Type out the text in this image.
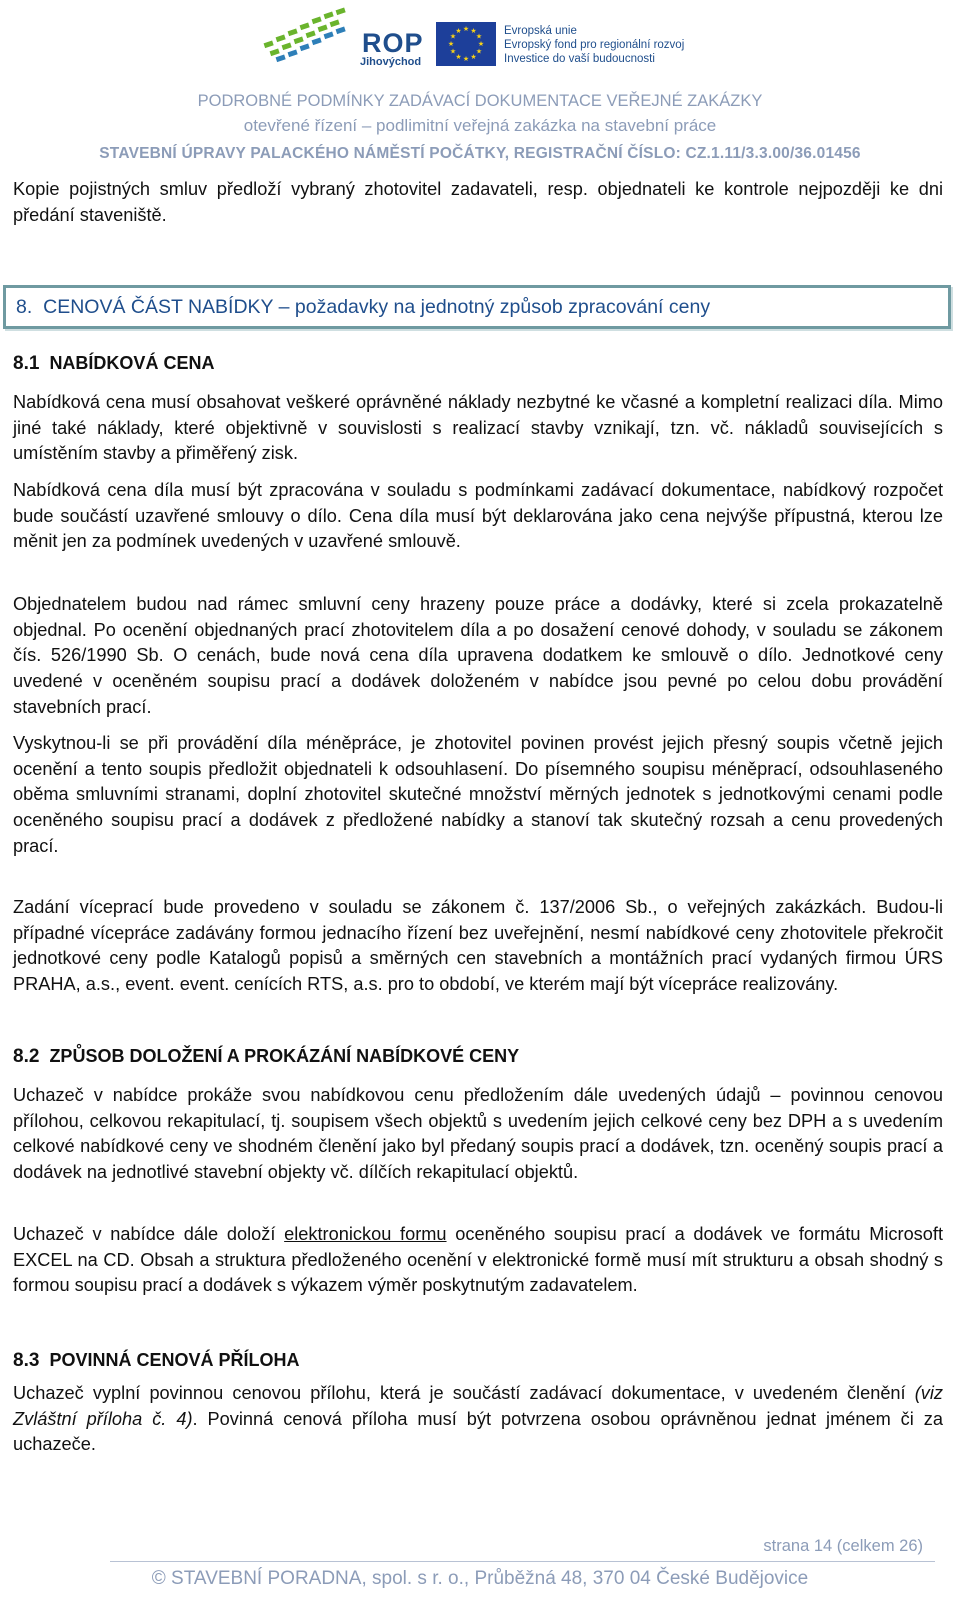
ROP
Jihovýchod
★ ★
★
★
★
★
★
★
★
★
★
★	Evropská unie
Evropský fond pro regionální rozvoj
Investice do vaší budoucnosti
PODROBNÉ PODMÍNKY ZADÁVACÍ DOKUMENTACE VEŘEJNÉ ZAKÁZKY
otevřené řízení – podlimitní veřejná zakázka na stavební práce
STAVEBNÍ ÚPRAVY PALACKÉHO NÁMĚSTÍ POČÁTKY, REGISTRAČNÍ ČÍSLO: CZ.1.11/3.3.00/36.01456
Kopie pojistných smluv předloží vybraný zhotovitel zadavateli, resp. objednateli ke kontrole nejpozději ke dni předání staveniště.
8. CENOVÁ ČÁST NABÍDKY – požadavky na jednotný způsob zpracování ceny
8.1 NABÍDKOVÁ CENA
Nabídková cena musí obsahovat veškeré oprávněné náklady nezbytné ke včasné a kompletní realizaci díla. Mimo jiné také náklady, které objektivně v souvislosti s realizací stavby vznikají, tzn. vč. nákladů souvisejících s umístěním stavby a přiměřený zisk.
Nabídková cena díla musí být zpracována v souladu s podmínkami zadávací dokumentace, nabídkový rozpočet bude součástí uzavřené smlouvy o dílo. Cena díla musí být deklarována jako cena nejvýše přípustná, kterou lze měnit jen za podmínek uvedených v uzavřené smlouvě.
Objednatelem budou nad rámec smluvní ceny hrazeny pouze práce a dodávky, které si zcela prokazatelně objednal. Po ocenění objednaných prací zhotovitelem díla a po dosažení cenové dohody, v souladu se zákonem čís. 526/1990 Sb. O cenách, bude nová cena díla upravena dodatkem ke smlouvě o dílo. Jednotkové ceny uvedené v oceněném soupisu prací a dodávek doloženém v nabídce jsou pevné po celou dobu provádění stavebních prací.
Vyskytnou-li se při provádění díla méněpráce, je zhotovitel povinen provést jejich přesný soupis včetně jejich ocenění a tento soupis předložit objednateli k odsouhlasení. Do písemného soupisu méněprací, odsouhlaseného oběma smluvními stranami, doplní zhotovitel skutečné množství měrných jednotek s jednotkovými cenami podle oceněného soupisu prací a dodávek z předložené nabídky a stanoví tak skutečný rozsah a cenu provedených prací.
Zadání víceprací bude provedeno v souladu se zákonem č. 137/2006 Sb., o veřejných zakázkách. Budou-li případné vícepráce zadávány formou jednacího řízení bez uveřejnění, nesmí nabídkové ceny zhotovitele překročit jednotkové ceny podle Katalogů popisů a směrných cen stavebních a montážních prací vydaných firmou ÚRS PRAHA, a.s., event. event. cenících RTS, a.s. pro to období, ve kterém mají být vícepráce realizovány.
8.2 ZPŮSOB DOLOŽENÍ A PROKÁZÁNÍ NABÍDKOVÉ CENY
Uchazeč v nabídce prokáže svou nabídkovou cenu předložením dále uvedených údajů – povinnou cenovou přílohou, celkovou rekapitulací, tj. soupisem všech objektů s uvedením jejich celkové ceny bez DPH a s uvedením celkové nabídkové ceny ve shodném členění jako byl předaný soupis prací a dodávek, tzn. oceněný soupis prací a dodávek na jednotlivé stavební objekty vč. dílčích rekapitulací objektů.
Uchazeč v nabídce dále doloží elektronickou formu oceněného soupisu prací a dodávek ve formátu Microsoft EXCEL na CD. Obsah a struktura předloženého ocenění v elektronické formě musí mít strukturu a obsah shodný s formou soupisu prací a dodávek s výkazem výměr poskytnutým zadavatelem.
8.3 POVINNÁ CENOVÁ PŘÍLOHA
Uchazeč vyplní povinnou cenovou přílohu, která je součástí zadávací dokumentace, v uvedeném členění (viz Zvláštní příloha č. 4). Povinná cenová příloha musí být potvrzena osobou oprávněnou jednat jménem či za uchazeče.
strana 14 (celkem 26)
© STAVEBNÍ PORADNA, spol. s r. o., Průběžná 48, 370 04 České Budějovice
